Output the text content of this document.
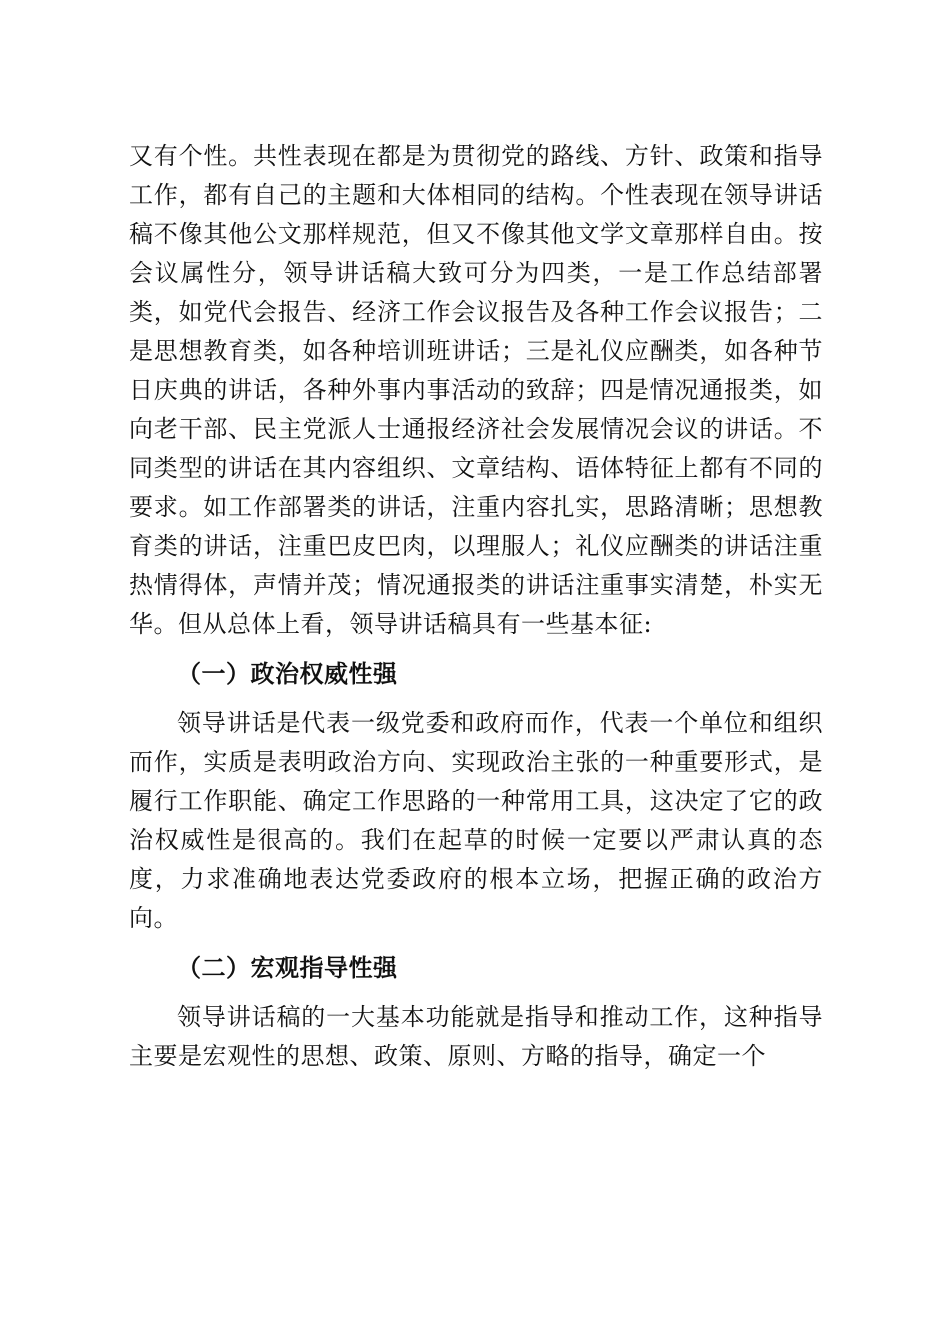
又有个性。共性表现在都是为贯彻党的路线、方针、政策和指导工作，都有自己的主题和大体相同的结构。个性表现在领导讲话稿不像其他公文那样规范，但又不像其他文学文章那样自由。按会议属性分，领导讲话稿大致可分为四类，一是工作总结部署类，如党代会报告、经济工作会议报告及各种工作会议报告；二是思想教育类，如各种培训班讲话；三是礼仪应酬类，如各种节日庆典的讲话，各种外事内事活动的致辞；四是情况通报类，如向老干部、民主党派人士通报经济社会发展情况会议的讲话。不同类型的讲话在其内容组织、文章结构、语体特征上都有不同的要求。如工作部署类的讲话，注重内容扎实，思路清晰；思想教育类的讲话，注重巴皮巴肉，以理服人；礼仪应酬类的讲话注重热情得体，声情并茂；情况通报类的讲话注重事实清楚，朴实无华。但从总体上看，领导讲话稿具有一些基本征:

（一）政治权威性强

领导讲话是代表一级党委和政府而作，代表一个单位和组织而作，实质是表明政治方向、实现政治主张的一种重要形式，是履行工作职能、确定工作思路的一种常用工具，这决定了它的政治权威性是很高的。我们在起草的时候一定要以严肃认真的态度，力求准确地表达党委政府的根本立场，把握正确的政治方向。

（二）宏观指导性强

领导讲话稿的一大基本功能就是指导和推动工作，这种指导主要是宏观性的思想、政策、原则、方略的指导，确定一个
